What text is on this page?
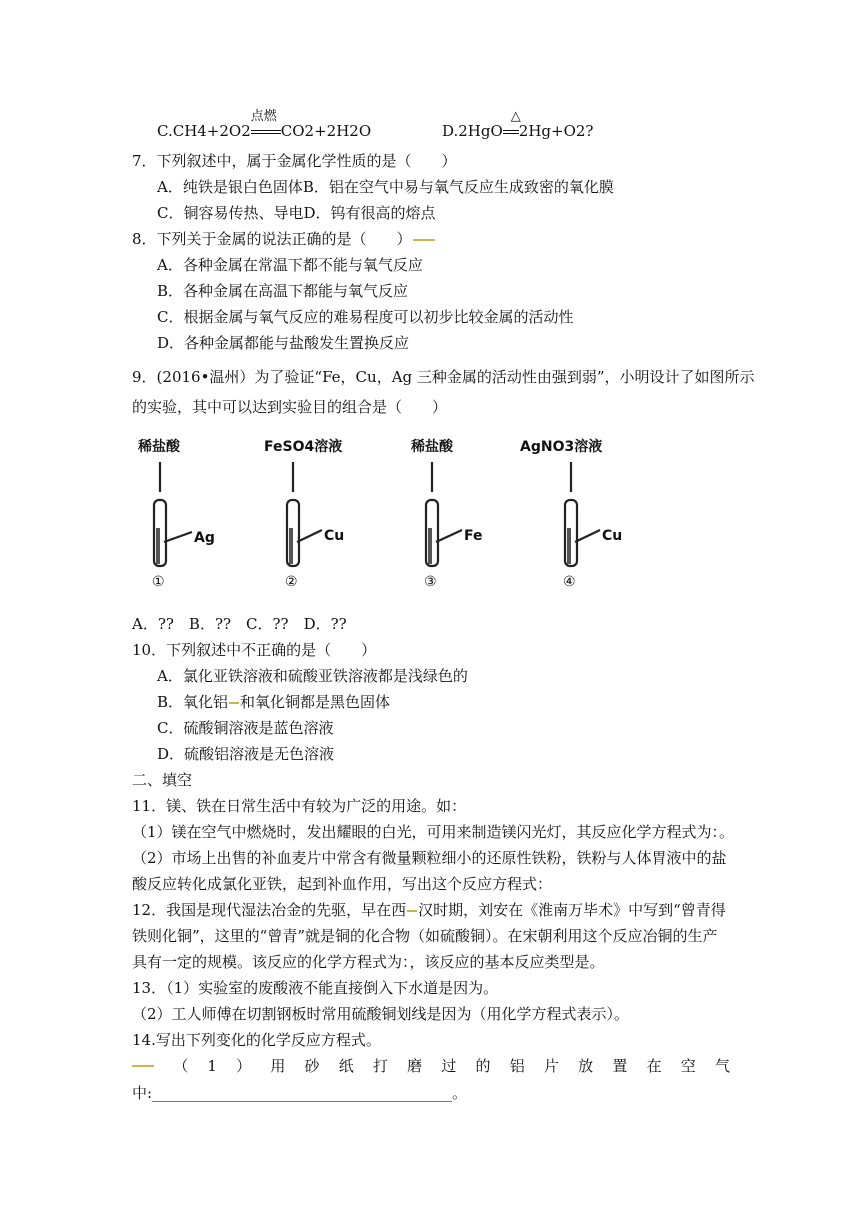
C.CH4+2O2
点燃
CO2+2H2O	D.2HgO
△
2Hg+O2?
7．下列叙述中，属于金属化学性质的是（　　）
A．纯铁是银白色固体B．铝在空气中易与氧气反应生成致密的氧化膜
C．铜容易传热、导电D．钨有很高的熔点
8．下列关于金属的说法正确的是（　　）
A．各种金属在常温下都不能与氧气反应
B．各种金属在高温下都能与氧气反应
C．根据金属与氧气反应的难易程度可以初步比较金属的活动性
D．各种金属都能与盐酸发生置换反应
9．(2016•温州）为了验证“Fe，Cu，Ag 三种金属的活动性由强到弱”，小明设计了如图所示
的实验，其中可以达到实验目的组合是（　　）
稀盐酸
Ag
①
FeSO4溶液
Cu
②
稀盐酸
Fe
③
AgNO3溶液
Cu
④
A．??　B．??　C．??　D．??
10．下列叙述中不正确的是（　　）
A．氯化亚铁溶液和硫酸亚铁溶液都是浅绿色的
B．氧化铝 和氧化铜都是黑色固体
C．硫酸铜溶液是蓝色溶液
D．硫酸铝溶液是无色溶液
二、填空
11．镁、铁在日常生活中有较为广泛的用途。如：
（1）镁在空气中燃烧时，发出耀眼的白光，可用来制造镁闪光灯，其反应化学方程式为：。
（2）市场上出售的补血麦片中常含有微量颗粒细小的还原性铁粉，铁粉与人体胃液中的盐
酸反应转化成氯化亚铁，起到补血作用，写出这个反应方程式：
12．我国是现代湿法冶金的先驱，早在西 汉时期，刘安在《淮南万毕术》中写到“曾青得
铁则化铜”，这里的“曾青”就是铜的化合物（如硫酸铜）。在宋朝利用这个反应冶铜的生产
具有一定的规模。该反应的化学方程式为：，该反应的基本反应类型是。
13．（1）实验室的废酸液不能直接倒入下水道是因为。
（2）工人师傅在切割钢板时常用硫酸铜划线是因为（用化学方程式表示）。
14.写出下列变化的化学反应方程式。
（ 1 ） 用 砂 纸 打 磨 过 的 铝 片 放 置 在 空 气
中:________________________________________。
